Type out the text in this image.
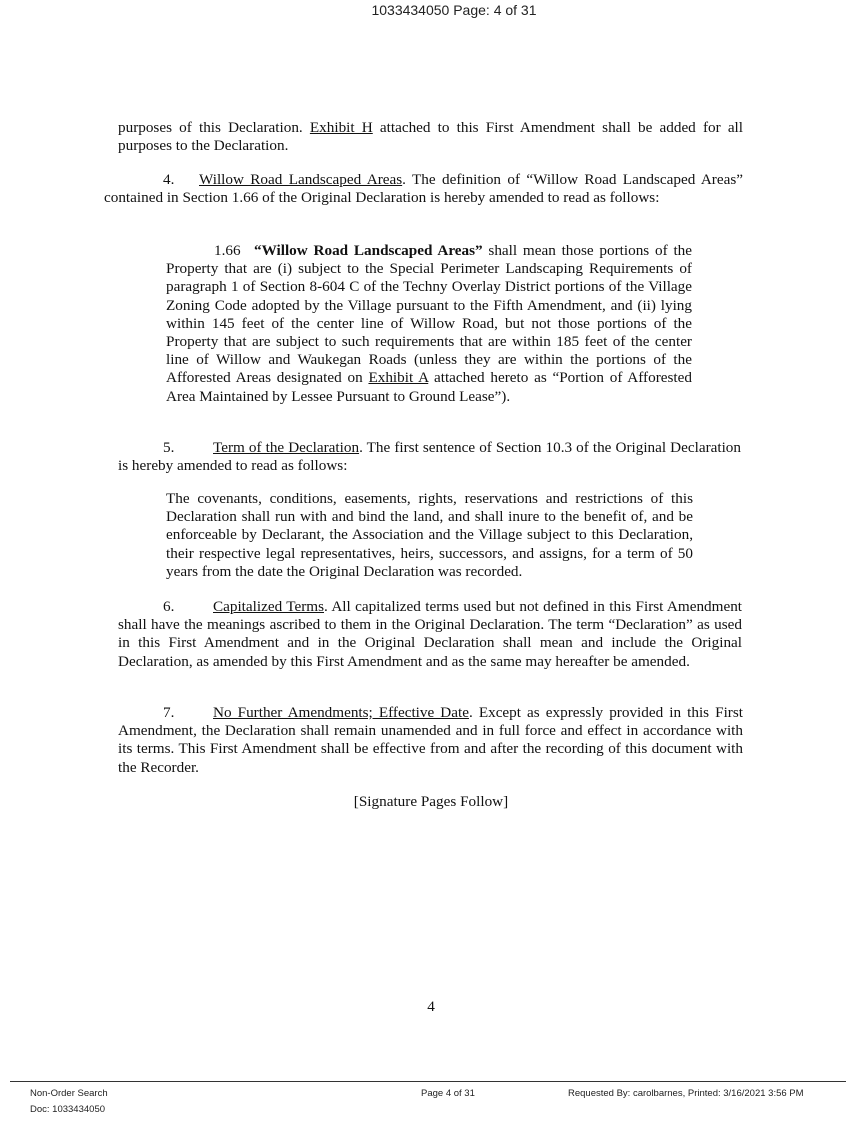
1033434050 Page: 4 of 31
purposes of this Declaration. Exhibit H attached to this First Amendment shall be added for all purposes to the Declaration.
4. Willow Road Landscaped Areas. The definition of “Willow Road Landscaped Areas” contained in Section 1.66 of the Original Declaration is hereby amended to read as follows:
1.66 “Willow Road Landscaped Areas” shall mean those portions of the Property that are (i) subject to the Special Perimeter Landscaping Requirements of paragraph 1 of Section 8-604 C of the Techny Overlay District portions of the Village Zoning Code adopted by the Village pursuant to the Fifth Amendment, and (ii) lying within 145 feet of the center line of Willow Road, but not those portions of the Property that are subject to such requirements that are within 185 feet of the center line of Willow and Waukegan Roads (unless they are within the portions of the Afforested Areas designated on Exhibit A attached hereto as “Portion of Afforested Area Maintained by Lessee Pursuant to Ground Lease”).
5.	Term of the Declaration. The first sentence of Section 10.3 of the Original Declaration is hereby amended to read as follows:
The covenants, conditions, easements, rights, reservations and restrictions of this Declaration shall run with and bind the land, and shall inure to the benefit of, and be enforceable by Declarant, the Association and the Village subject to this Declaration, their respective legal representatives, heirs, successors, and assigns, for a term of 50 years from the date the Original Declaration was recorded.
6.	Capitalized Terms. All capitalized terms used but not defined in this First Amendment shall have the meanings ascribed to them in the Original Declaration. The term “Declaration” as used in this First Amendment and in the Original Declaration shall mean and include the Original Declaration, as amended by this First Amendment and as the same may hereafter be amended.
7.	No Further Amendments; Effective Date. Except as expressly provided in this First Amendment, the Declaration shall remain unamended and in full force and effect in accordance with its terms. This First Amendment shall be effective from and after the recording of this document with the Recorder.
[Signature Pages Follow]
4
Non-Order Search
Doc: 1033434050
Page 4 of 31	Requested By: carolbarnes, Printed: 3/16/2021 3:56 PM
